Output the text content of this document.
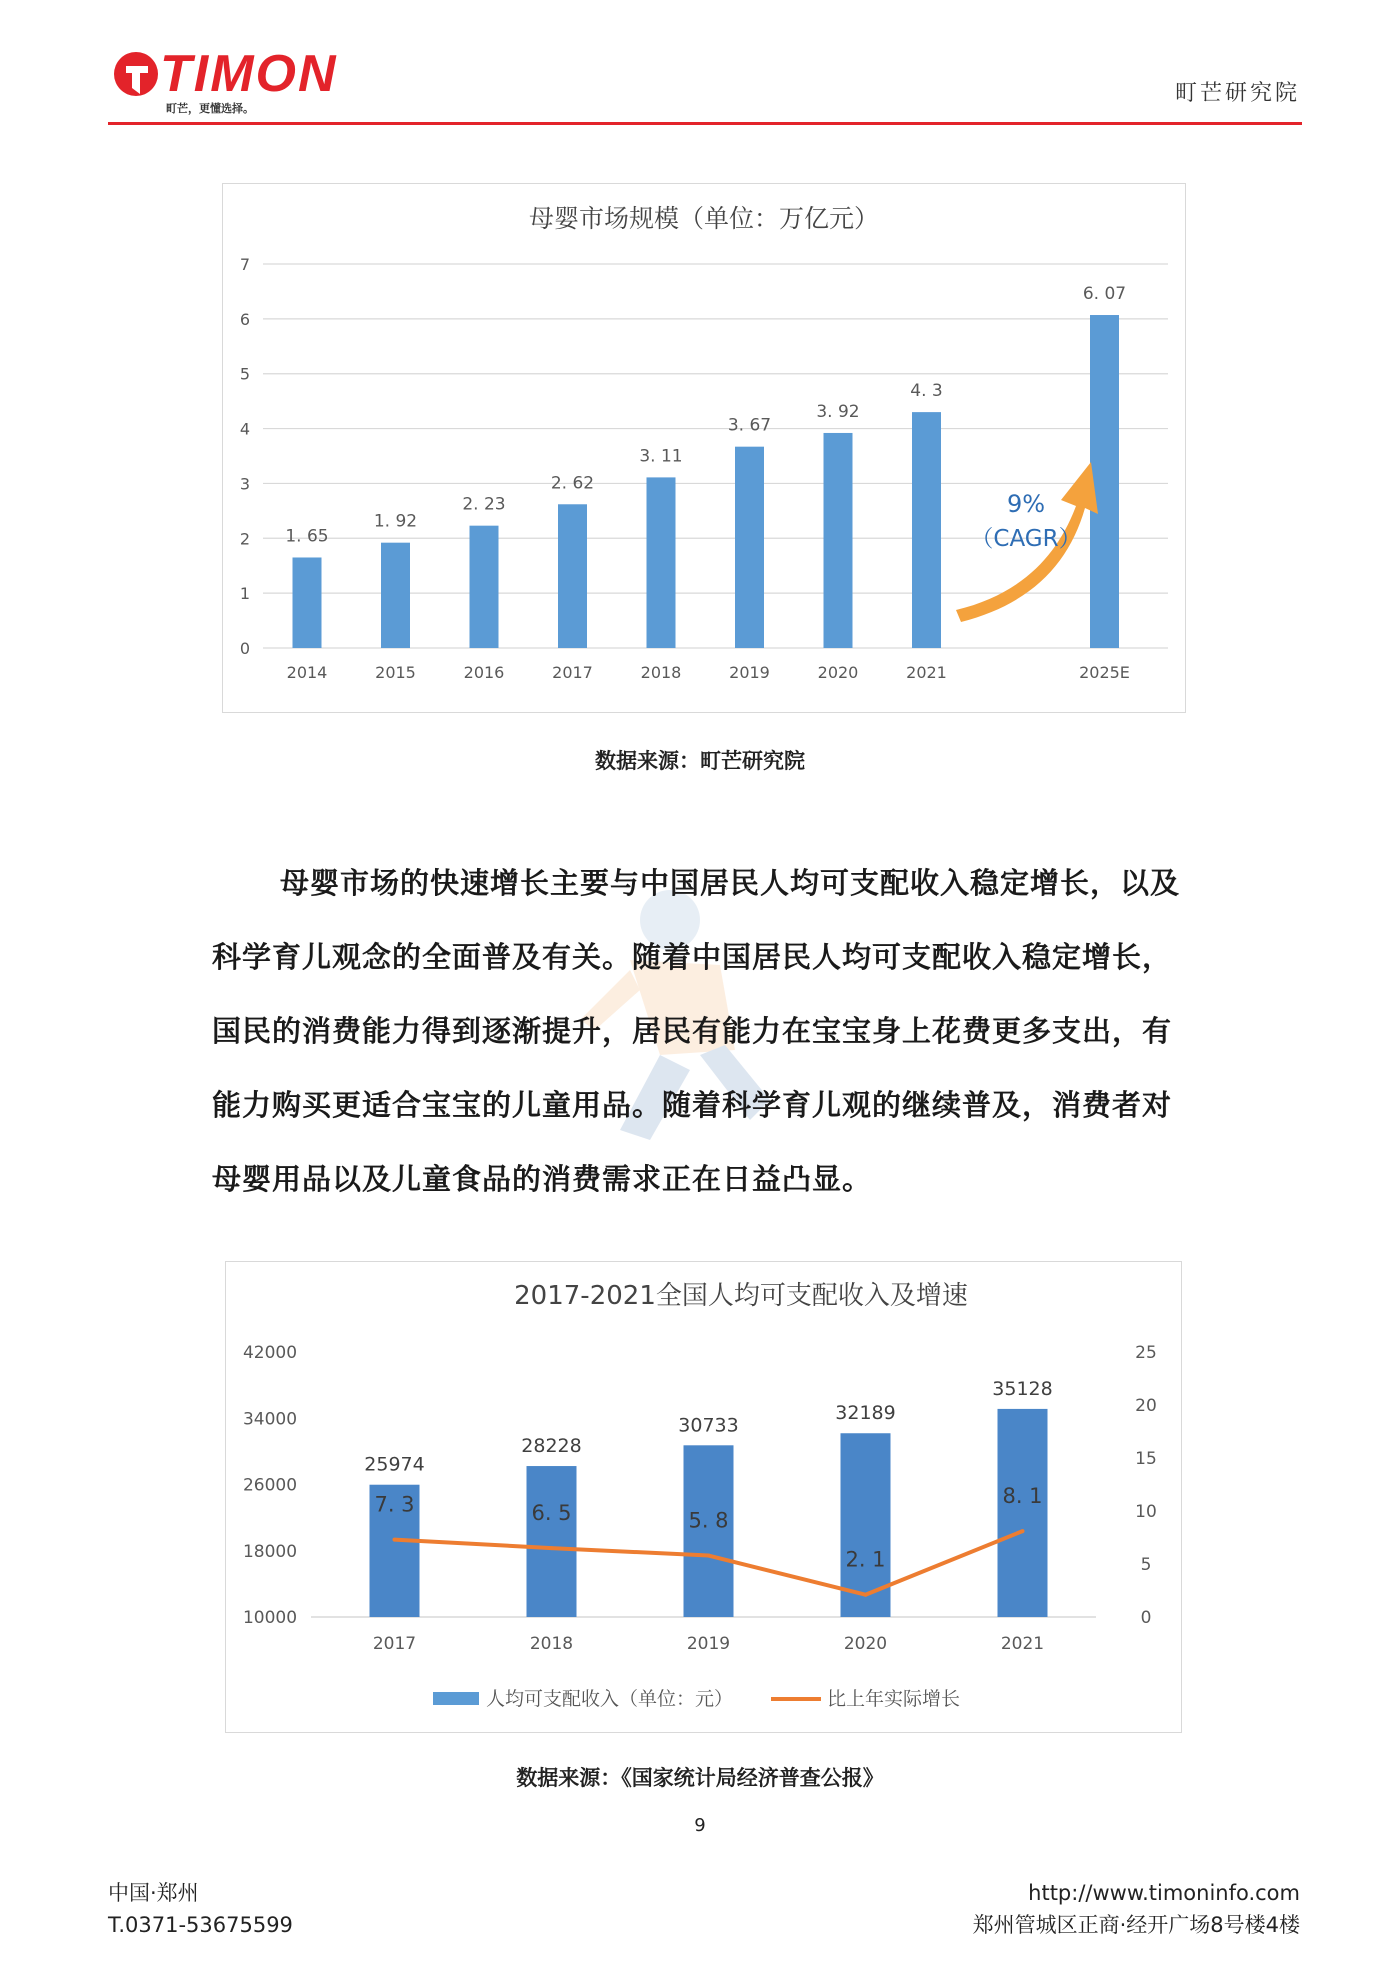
TIMON
町芒，更懂选择。
町芒研究院
母婴市场规模（单位：万亿元）
0
1
2
3
4
5
6
7
1. 65
1. 92
2. 23
2. 62
3. 11
3. 67
3. 92
4. 3
6. 07
2014	2015	2016	2017	2018	2019	2020	2021	2025E
9%
（CAGR）
数据来源：町芒研究院
母婴市场的快速增长主要与中国居民人均可支配收入稳定增长，以及科学育儿观念的全面普及有关。随着中国居民人均可支配收入稳定增长，国民的消费能力得到逐渐提升，居民有能力在宝宝身上花费更多支出，有能力购买更适合宝宝的儿童用品。随着科学育儿观的继续普及，消费者对母婴用品以及儿童食品的消费需求正在日益凸显。
2017-2021全国人均可支配收入及增速
10000
18000
26000
34000
42000
0
5
10
15
20
25
25974
28228
30733
32189
35128
7. 3	6. 5	5. 8
2. 1
8. 1
2017	2018	2019	2020	2021
人均可支配收入（单位：元）	比上年实际增长
数据来源：《国家统计局经济普查公报》
9
中国·郑州
T.0371-53675599
http://www.timoninfo.com
郑州管城区正商·经开广场8号楼4楼
